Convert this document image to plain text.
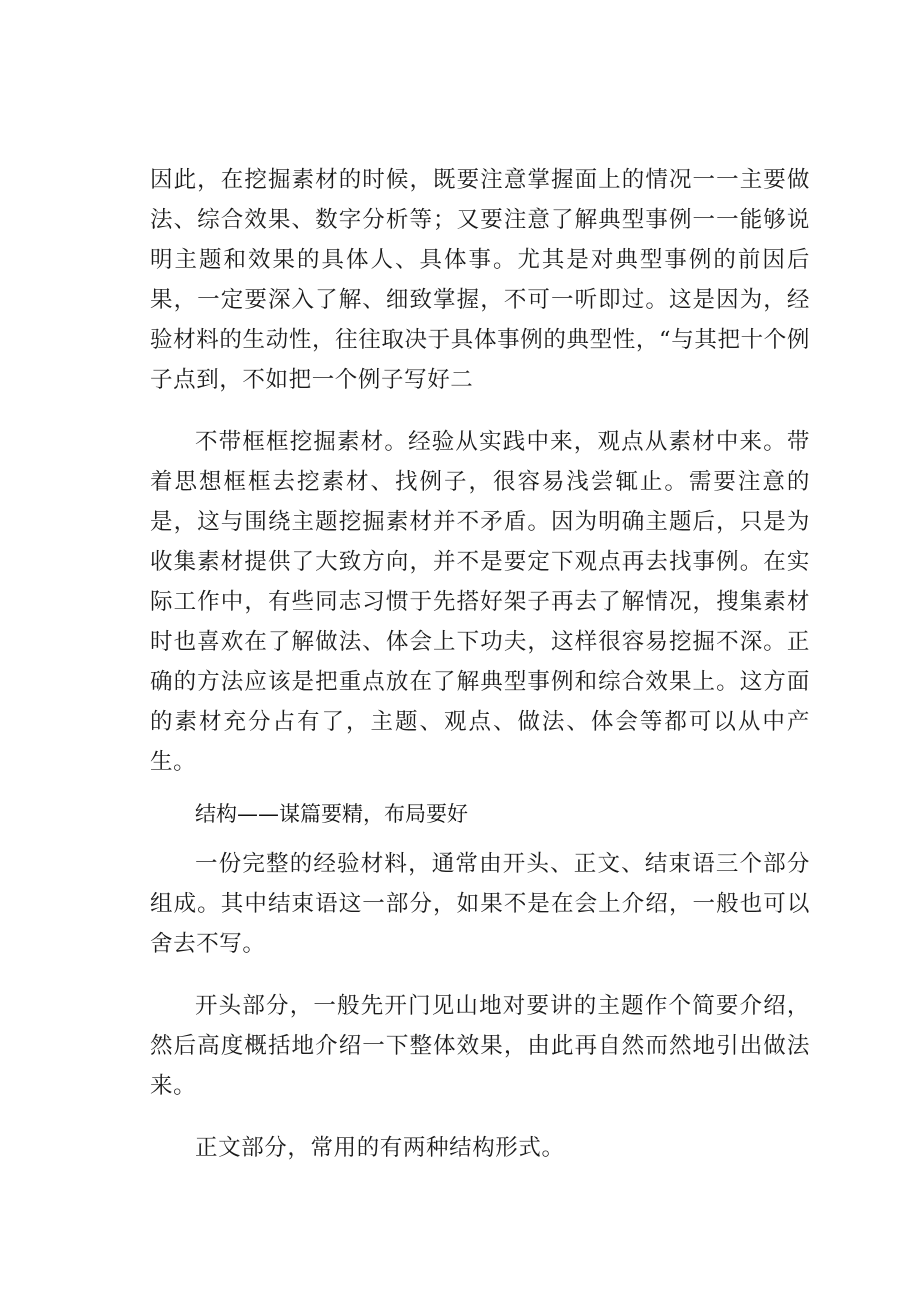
因此，在挖掘素材的时候，既要注意掌握面上的情况一一主要做法、综合效果、数字分析等；又要注意了解典型事例一一能够说明主题和效果的具体人、具体事。尤其是对典型事例的前因后果，一定要深入了解、细致掌握，不可一听即过。这是因为，经验材料的生动性，往往取决于具体事例的典型性，“与其把十个例子点到，不如把一个例子写好二

不带框框挖掘素材。经验从实践中来，观点从素材中来。带着思想框框去挖素材、找例子，很容易浅尝辄止。需要注意的是，这与围绕主题挖掘素材并不矛盾。因为明确主题后，只是为收集素材提供了大致方向，并不是要定下观点再去找事例。在实际工作中，有些同志习惯于先搭好架子再去了解情况，搜集素材时也喜欢在了解做法、体会上下功夫，这样很容易挖掘不深。正确的方法应该是把重点放在了解典型事例和综合效果上。这方面的素材充分占有了，主题、观点、做法、体会等都可以从中产生。

结构——谋篇要精，布局要好

一份完整的经验材料，通常由开头、正文、结束语三个部分组成。其中结束语这一部分，如果不是在会上介绍，一般也可以舍去不写。

开头部分，一般先开门见山地对要讲的主题作个简要介绍，然后高度概括地介绍一下整体效果，由此再自然而然地引出做法来。

正文部分，常用的有两种结构形式。
